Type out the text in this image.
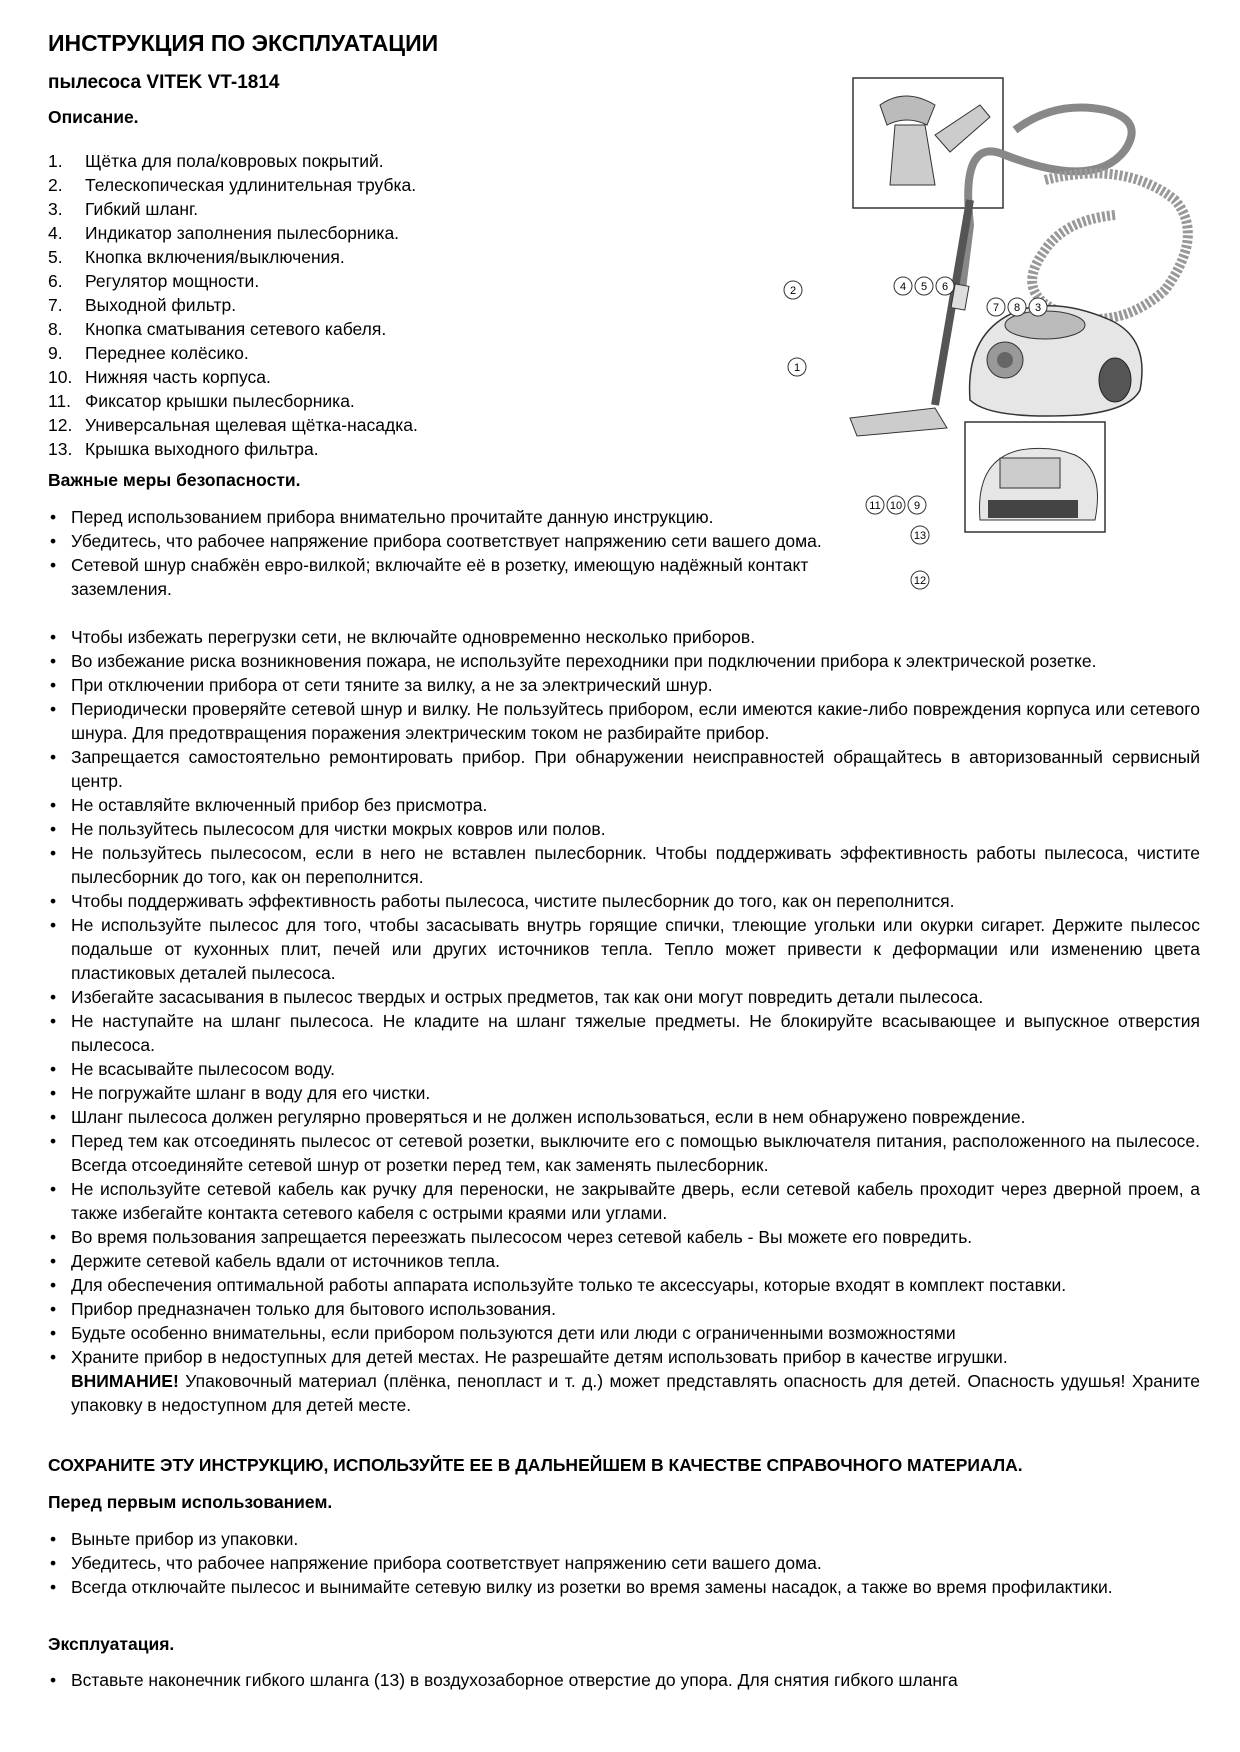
ИНСТРУКЦИЯ ПО ЭКСПЛУАТАЦИИ
пылесоса VITEK VT-1814
Описание.
1.	Щётка для пола/ковровых покрытий.
2.	Телескопическая удлинительная трубка.
3.	Гибкий шланг.
4.	Индикатор заполнения пылесборника.
5.	Кнопка включения/выключения.
6.	Регулятор мощности.
7.	Выходной фильтр.
8.	Кнопка сматывания сетевого кабеля.
9.	Переднее колёсико.
10. Нижняя часть корпуса.
11. Фиксатор крышки пылесборника.
12. Универсальная щелевая щётка-насадка.
13. Крышка выходного фильтра.
Важные меры безопасности.
• Перед использованием прибора внимательно прочитайте данную инструкцию.
• Убедитесь, что рабочее напряжение прибора соответствует напряжению сети вашего дома.
• Сетевой шнур снабжён евро-вилкой; включайте её в розетку, имеющую надёжный контакт заземления.
2
1
4 5 6
7 8 3
11 10 9
13
12
• Чтобы избежать перегрузки сети, не включайте одновременно несколько приборов.
• Во избежание риска возникновения пожара, не используйте переходники при подключении прибора к электрической розетке.
• При отключении прибора от сети тяните за вилку, а не за электрический шнур.
• Периодически проверяйте сетевой шнур и вилку. Не пользуйтесь прибором, если имеются какие-либо повреждения корпуса или сетевого шнура. Для предотвращения поражения электрическим током не разбирайте прибор.
• Запрещается самостоятельно ремонтировать прибор. При обнаружении неисправностей обращайтесь в авторизованный сервисный центр.
• Не оставляйте включенный прибор без присмотра.
• Не пользуйтесь пылесосом для чистки мокрых ковров или полов.
• Не пользуйтесь пылесосом, если в него не вставлен пылесборник. Чтобы поддерживать эффективность работы пылесоса, чистите пылесборник до того, как он переполнится.
• Чтобы поддерживать эффективность работы пылесоса, чистите пылесборник до того, как он переполнится.
• Не используйте пылесос для того, чтобы засасывать внутрь горящие спички, тлеющие угольки или окурки сигарет. Держите пылесос подальше от кухонных плит, печей или других источников тепла. Тепло может привести к деформации или изменению цвета пластиковых деталей пылесоса.
• Избегайте засасывания в пылесос твердых и острых предметов, так как они могут повредить детали пылесоса.
• Не наступайте на шланг пылесоса. Не кладите на шланг тяжелые предметы. Не блокируйте всасывающее и выпускное отверстия пылесоса.
• Не всасывайте пылесосом воду.
• Не погружайте шланг в воду для его чистки.
• Шланг пылесоса должен регулярно проверяться и не должен использоваться, если в нем обнаружено повреждение.
• Перед тем как отсоединять пылесос от сетевой розетки, выключите его с помощью выключателя питания, расположенного на пылесосе. Всегда отсоединяйте сетевой шнур от розетки перед тем, как заменять пылесборник.
• Не используйте сетевой кабель как ручку для переноски, не закрывайте дверь, если сетевой кабель проходит через дверной проем, а также избегайте контакта сетевого кабеля с острыми краями или углами.
• Во время пользования запрещается переезжать пылесосом через сетевой кабель - Вы можете его повредить.
• Держите сетевой кабель вдали от источников тепла.
• Для обеспечения оптимальной работы аппарата используйте только те аксессуары, которые входят в комплект поставки.
• Прибор предназначен только для бытового использования.
• Будьте особенно внимательны, если прибором пользуются дети или люди с ограниченными возможностями
• Храните прибор в недоступных для детей местах. Не разрешайте детям использовать прибор в качестве игрушки.
ВНИМАНИЕ! Упаковочный материал (плёнка, пенопласт и т. д.) может представлять опасность для детей. Опасность удушья! Храните упаковку в недоступном для детей месте.

СОХРАНИТЕ ЭТУ ИНСТРУКЦИЮ, ИСПОЛЬЗУЙТЕ ЕЕ В ДАЛЬНЕЙШЕМ В КАЧЕСТВЕ СПРАВОЧНОГО МАТЕРИАЛА.

Перед первым использованием.
• Выньте прибор из упаковки.
• Убедитесь, что рабочее напряжение прибора соответствует напряжению сети вашего дома.
• Всегда отключайте пылесос и вынимайте сетевую вилку из розетки во время замены насадок, а также во время профилактики.
Эксплуатация.
• Вставьте наконечник гибкого шланга (13) в воздухозаборное отверстие до упора. Для снятия гибкого шланга
